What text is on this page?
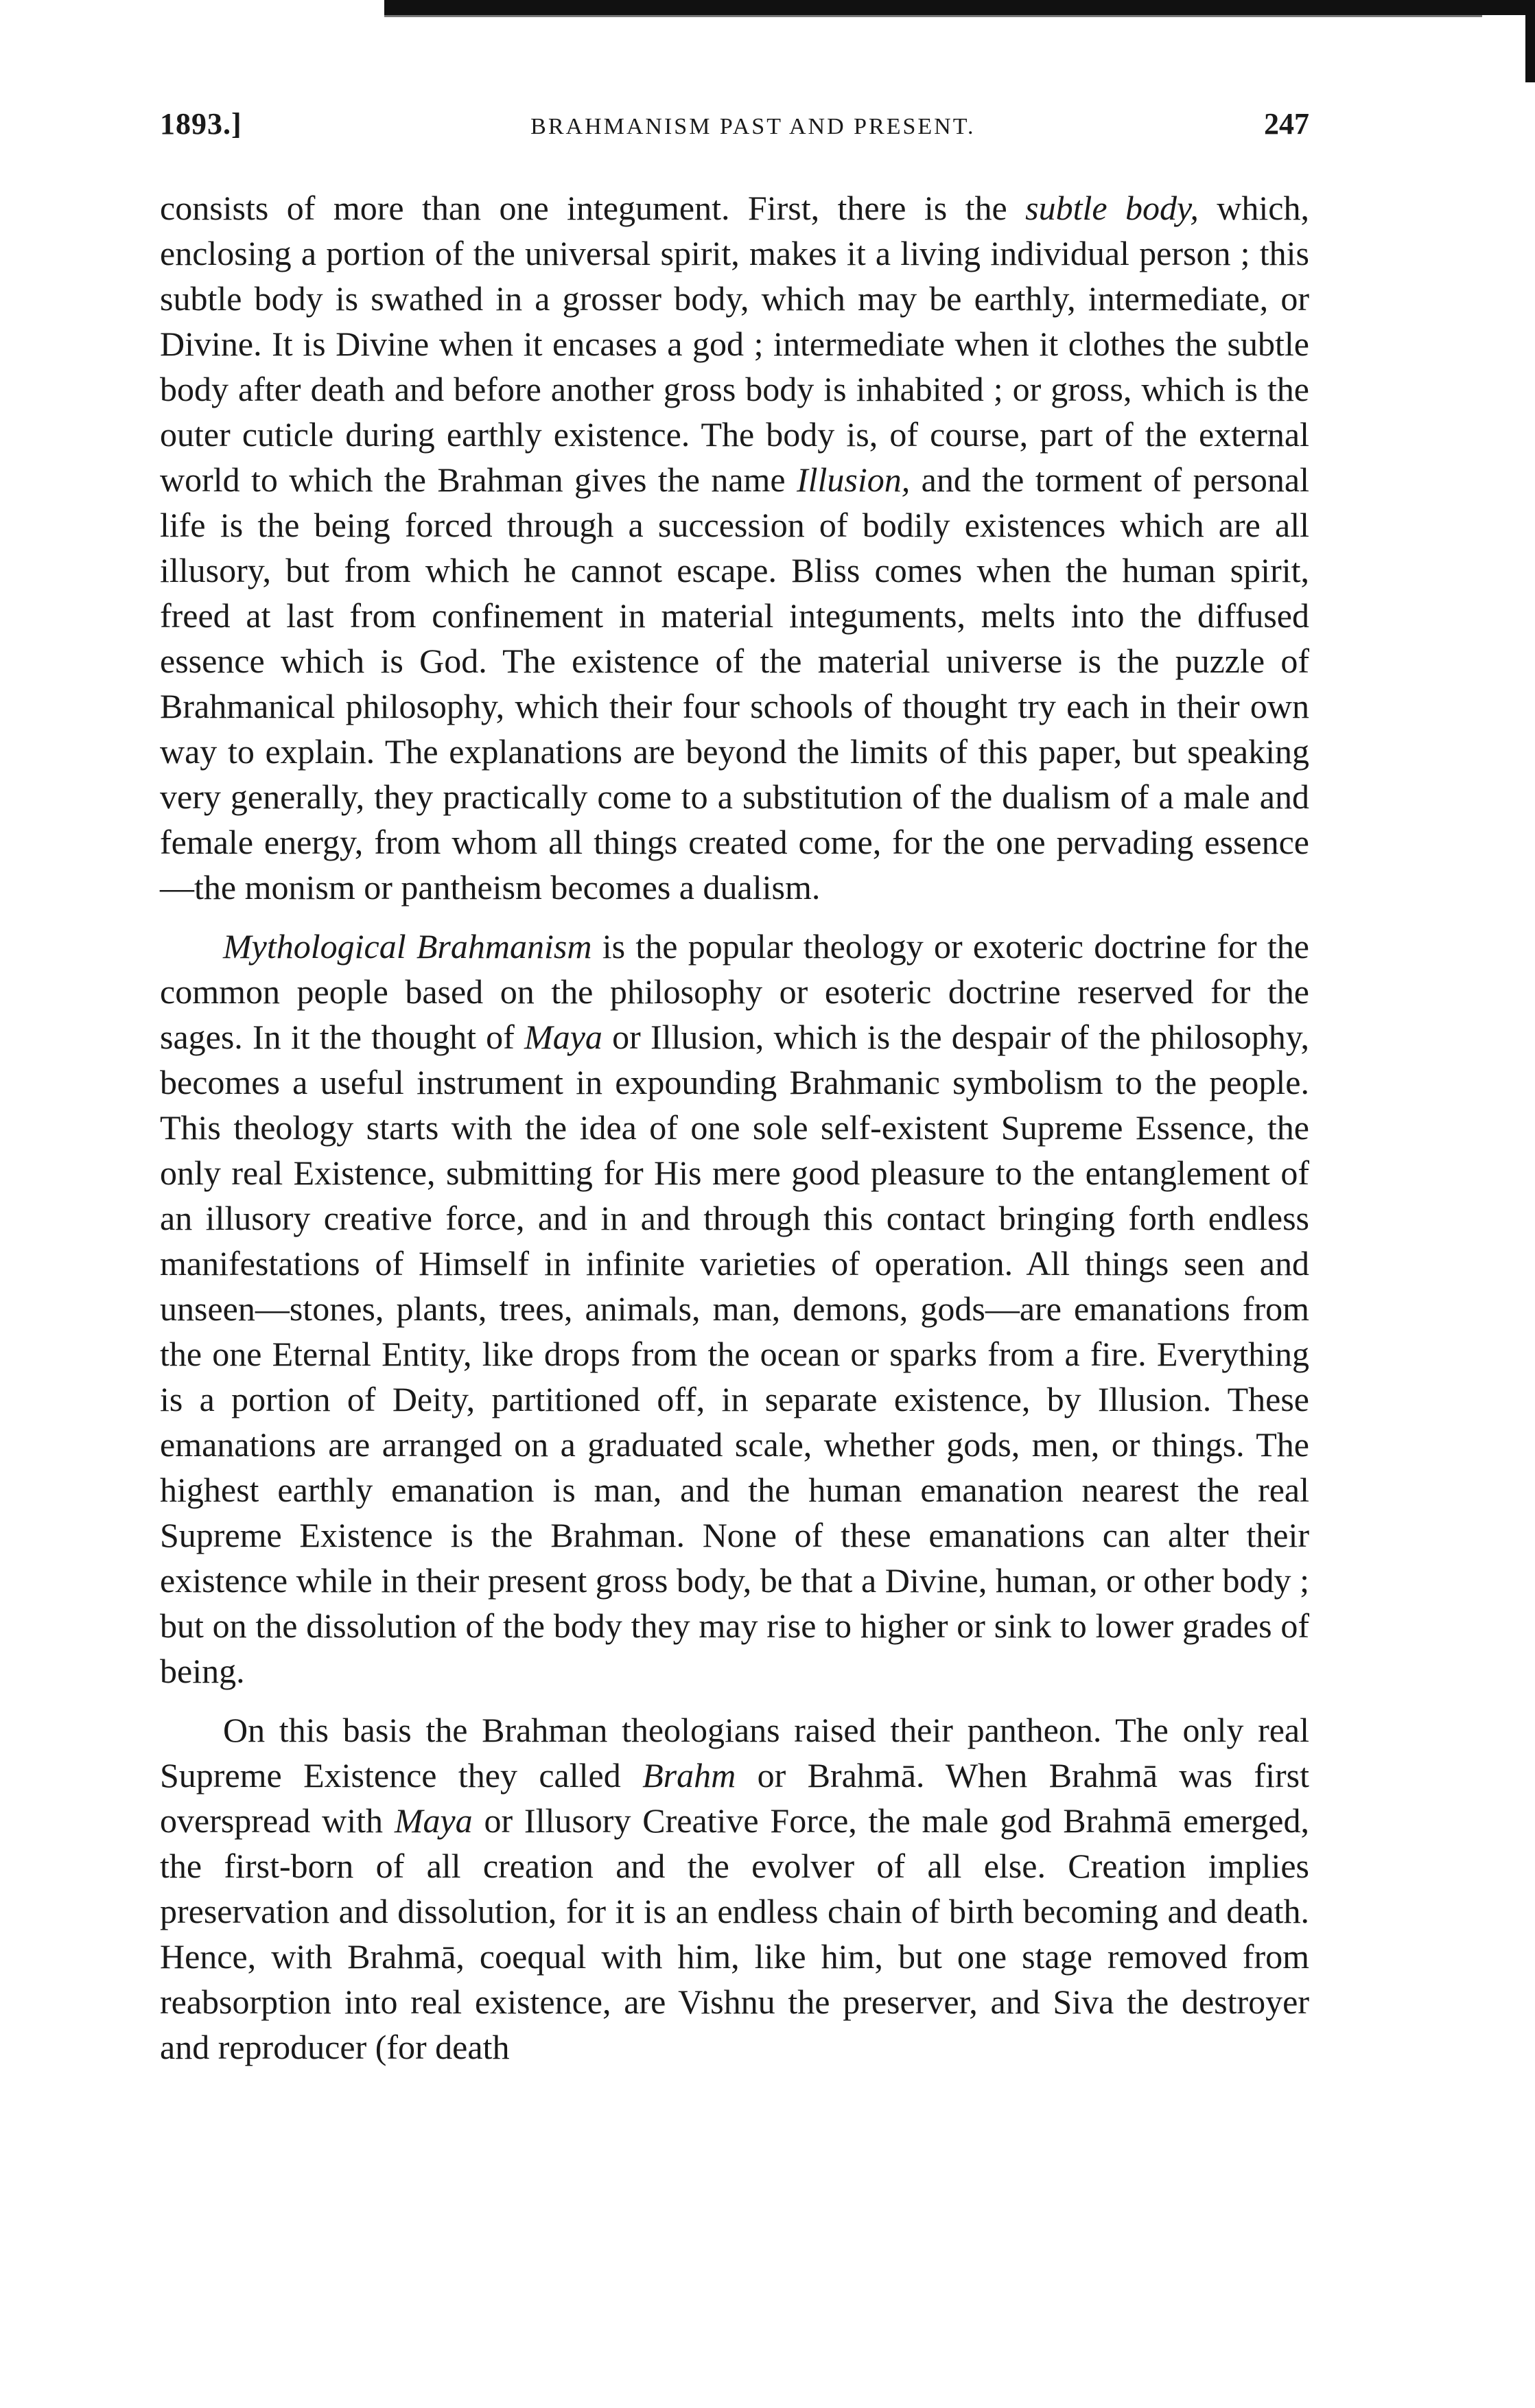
1893.]	BRAHMANISM PAST AND PRESENT.	247

consists of more than one integument. First, there is the subtle body, which, enclosing a portion of the universal spirit, makes it a living individual person ; this subtle body is swathed in a grosser body, which may be earthly, intermediate, or Divine. It is Divine when it encases a god ; intermediate when it clothes the subtle body after death and before another gross body is inhabited ; or gross, which is the outer cuticle during earthly existence. The body is, of course, part of the external world to which the Brahman gives the name Illusion, and the torment of personal life is the being forced through a succession of bodily existences which are all illusory, but from which he cannot escape. Bliss comes when the human spirit, freed at last from confinement in material integuments, melts into the diffused essence which is God. The existence of the material universe is the puzzle of Brahmanical philosophy, which their four schools of thought try each in their own way to explain. The explanations are beyond the limits of this paper, but speaking very generally, they practically come to a substitution of the dualism of a male and female energy, from whom all things created come, for the one pervading essence—the monism or pantheism becomes a dualism.

Mythological Brahmanism is the popular theology or exoteric doctrine for the common people based on the philosophy or esoteric doctrine reserved for the sages. In it the thought of Maya or Illusion, which is the despair of the philosophy, becomes a useful instrument in expounding Brahmanic symbolism to the people. This theology starts with the idea of one sole self-existent Supreme Essence, the only real Existence, submitting for His mere good pleasure to the entanglement of an illusory creative force, and in and through this contact bringing forth endless manifestations of Himself in infinite varieties of operation. All things seen and unseen—stones, plants, trees, animals, man, demons, gods—are emanations from the one Eternal Entity, like drops from the ocean or sparks from a fire. Everything is a portion of Deity, partitioned off, in separate existence, by Illusion. These emanations are arranged on a graduated scale, whether gods, men, or things. The highest earthly emanation is man, and the human emanation nearest the real Supreme Existence is the Brahman. None of these emanations can alter their existence while in their present gross body, be that a Divine, human, or other body ; but on the dissolution of the body they may rise to higher or sink to lower grades of being.

On this basis the Brahman theologians raised their pantheon. The only real Supreme Existence they called Brahm or Brahmā. When Brahmā was first overspread with Maya or Illusory Creative Force, the male god Brahmā emerged, the first-born of all creation and the evolver of all else. Creation implies preservation and dissolution, for it is an endless chain of birth becoming and death. Hence, with Brahmā, coequal with him, like him, but one stage removed from reabsorption into real existence, are Vishnu the preserver, and Siva the destroyer and reproducer (for death
